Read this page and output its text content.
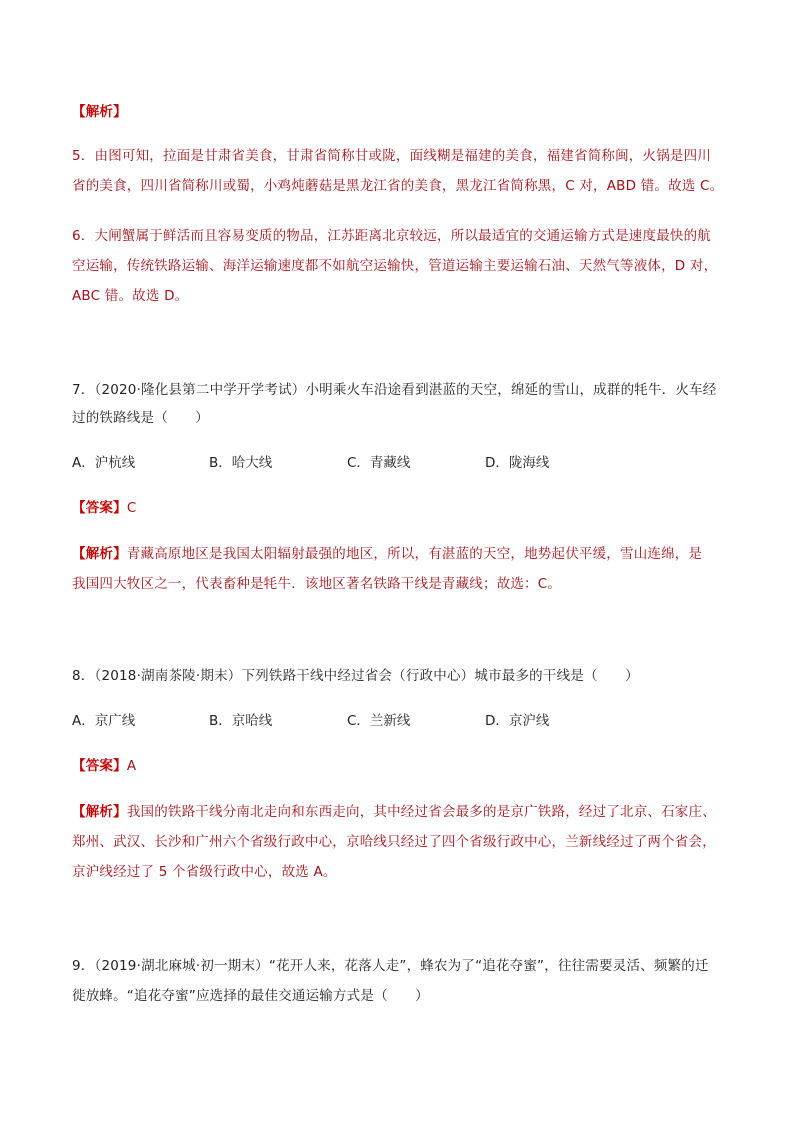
【解析】
5．由图可知，拉面是甘肃省美食，甘肃省简称甘或陇，面线糊是福建的美食，福建省简称闽，火锅是四川
省的美食，四川省简称川或蜀，小鸡炖蘑菇是黑龙江省的美食，黑龙江省简称黑，C 对，ABD 错。故选 C。
6．大闸蟹属于鲜活而且容易变质的物品，江苏距离北京较远，所以最适宜的交通运输方式是速度最快的航
空运输，传统铁路运输、海洋运输速度都不如航空运输快，管道运输主要运输石油、天然气等液体，D 对，
ABC 错。故选 D。
7．（2020·隆化县第二中学开学考试）小明乘火车沿途看到湛蓝的天空，绵延的雪山，成群的牦牛．火车经
过的铁路线是（　　）
A．沪杭线	B．哈大线	C．青藏线	D．陇海线
【答案】C
【解析】青藏高原地区是我国太阳辐射最强的地区，所以，有湛蓝的天空，地势起伏平缓，雪山连绵，是
我国四大牧区之一，代表畜种是牦牛．该地区著名铁路干线是青藏线；故选：C。
8．（2018·湖南茶陵·期末）下列铁路干线中经过省会（行政中心）城市最多的干线是（　　）
A．京广线	B．京哈线	C．兰新线	D．京沪线
【答案】A
【解析】我国的铁路干线分南北走向和东西走向，其中经过省会最多的是京广铁路，经过了北京、石家庄、
郑州、武汉、长沙和广州六个省级行政中心，京哈线只经过了四个省级行政中心，兰新线经过了两个省会，
京沪线经过了 5 个省级行政中心，故选 A。
9．（2019·湖北麻城·初一期末）“花开人来，花落人走”，蜂农为了“追花夺蜜”，往往需要灵活、频繁的迁
徙放蜂。“追花夺蜜”应选择的最佳交通运输方式是（　　）
